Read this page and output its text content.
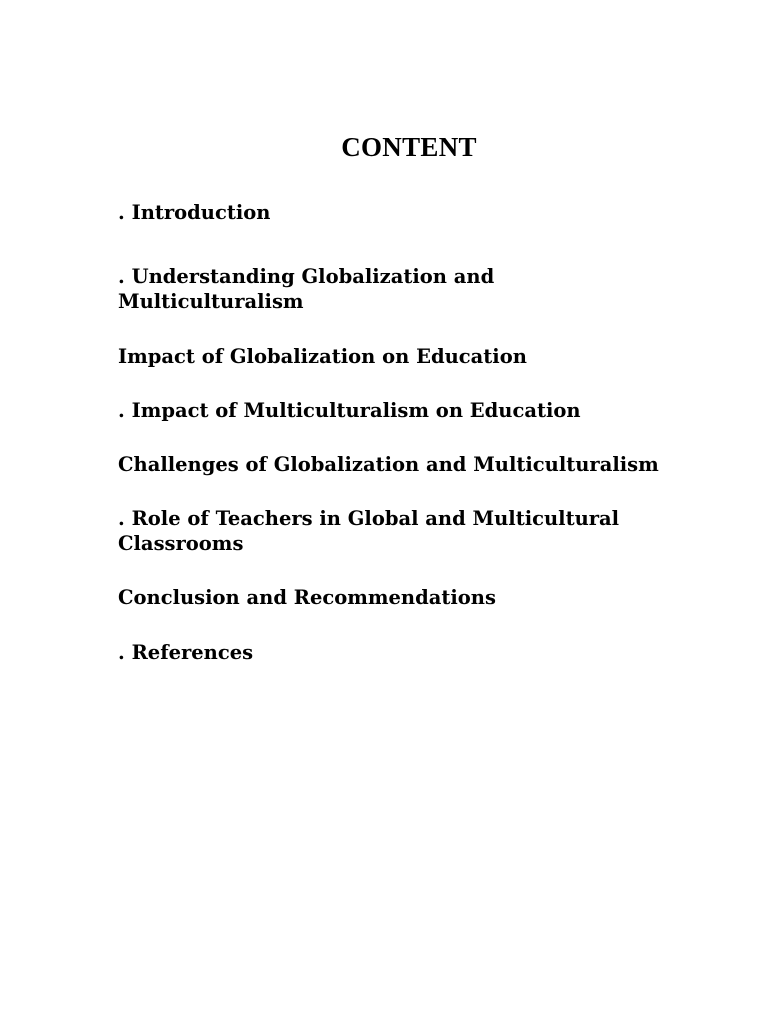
CONTENT
. Introduction
. Understanding Globalization and
Multiculturalism
Impact of Globalization on Education
. Impact of Multiculturalism on Education
Challenges of Globalization and Multiculturalism
. Role of Teachers in Global and Multicultural
Classrooms
Conclusion and Recommendations
. References
